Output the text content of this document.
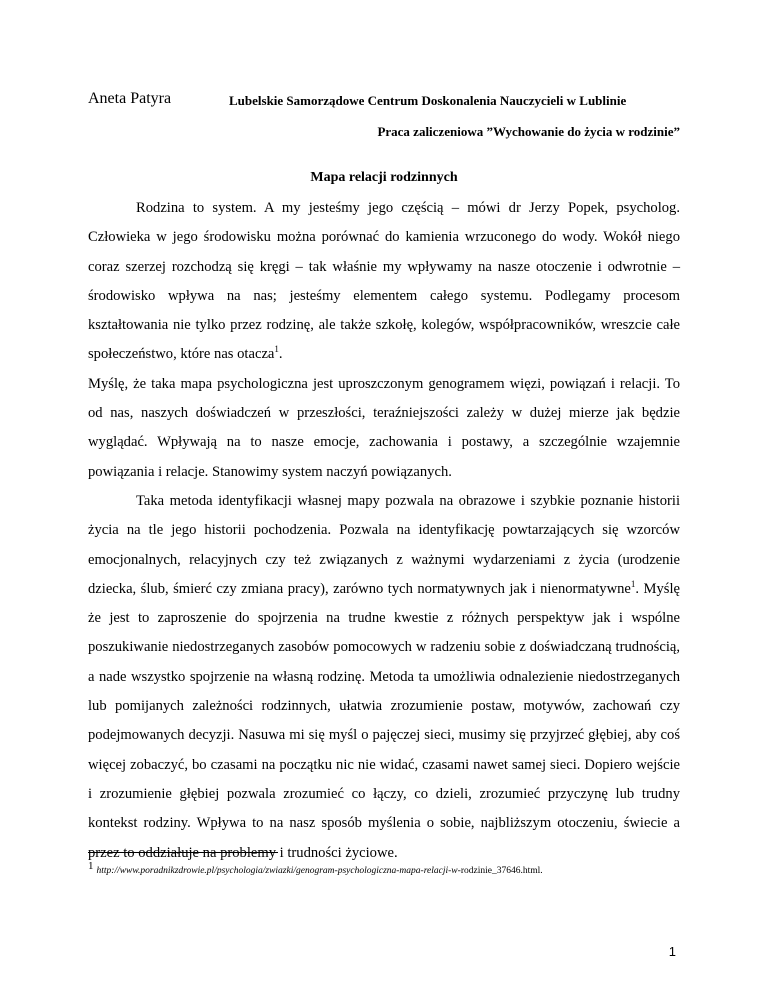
Aneta Patyra	Lubelskie Samorządowe Centrum Doskonalenia Nauczycieli w Lublinie
Praca zaliczeniowa ”Wychowanie do życia w rodzinie”
Mapa relacji rodzinnych

Rodzina to system. A my jesteśmy jego częścią – mówi dr Jerzy Popek, psycholog. Człowieka w jego środowisku można porównać do kamienia wrzuconego do wody. Wokół niego coraz szerzej rozchodzą się kręgi – tak właśnie my wpływamy na nasze otoczenie i odwrotnie – środowisko wpływa na nas; jesteśmy elementem całego systemu. Podlegamy procesom kształtowania nie tylko przez rodzinę, ale także szkołę, kolegów, współpracowników, wreszcie całe społeczeństwo, które nas otacza$^1$.

Myślę, że taka mapa psychologiczna jest uproszczonym genogramem więzi, powiązań i relacji. To od nas, naszych doświadczeń w przeszłości, teraźniejszości zależy w dużej mierze jak będzie wyglądać. Wpływają na to nasze emocje, zachowania i postawy, a szczególnie wzajemnie powiązania i relacje. Stanowimy system naczyń powiązanych.

Taka metoda identyfikacji własnej mapy pozwala na obrazowe i szybkie poznanie historii życia na tle jego historii pochodzenia. Pozwala na identyfikację powtarzających się wzorców emocjonalnych, relacyjnych czy też związanych z ważnymi wydarzeniami z życia (urodzenie dziecka, ślub, śmierć czy zmiana pracy), zarówno tych normatywnych jak i nienormatywne$^1$. Myślę że jest to zaproszenie do spojrzenia na trudne kwestie z różnych perspektyw jak i wspólne poszukiwanie niedostrzeganych zasobów pomocowych w radzeniu sobie z doświadczaną trudnością, a nade wszystko spojrzenie na własną rodzinę. Metoda ta umożliwia odnalezienie niedostrzeganych lub pomijanych zależności rodzinnych, ułatwia zrozumienie postaw, motywów, zachowań czy podejmowanych decyzji. Nasuwa mi się myśl o pajęczej sieci, musimy się przyjrzeć głębiej, aby coś więcej zobaczyć, bo czasami na początku nic nie widać, czasami nawet samej sieci. Dopiero wejście i zrozumienie głębiej pozwala zrozumieć co łączy, co dzieli, zrozumieć przyczynę lub trudny kontekst rodziny. Wpływa to na nasz sposób myślenia o sobie, najbliższym otoczeniu, świecie a przez to oddziałuje na problemy i trudności życiowe.

1 http://www.poradnikzdrowie.pl/psychologia/zwiazki/genogram-psychologiczna-mapa-relacji-w-rodzinie_37646.html.
1
